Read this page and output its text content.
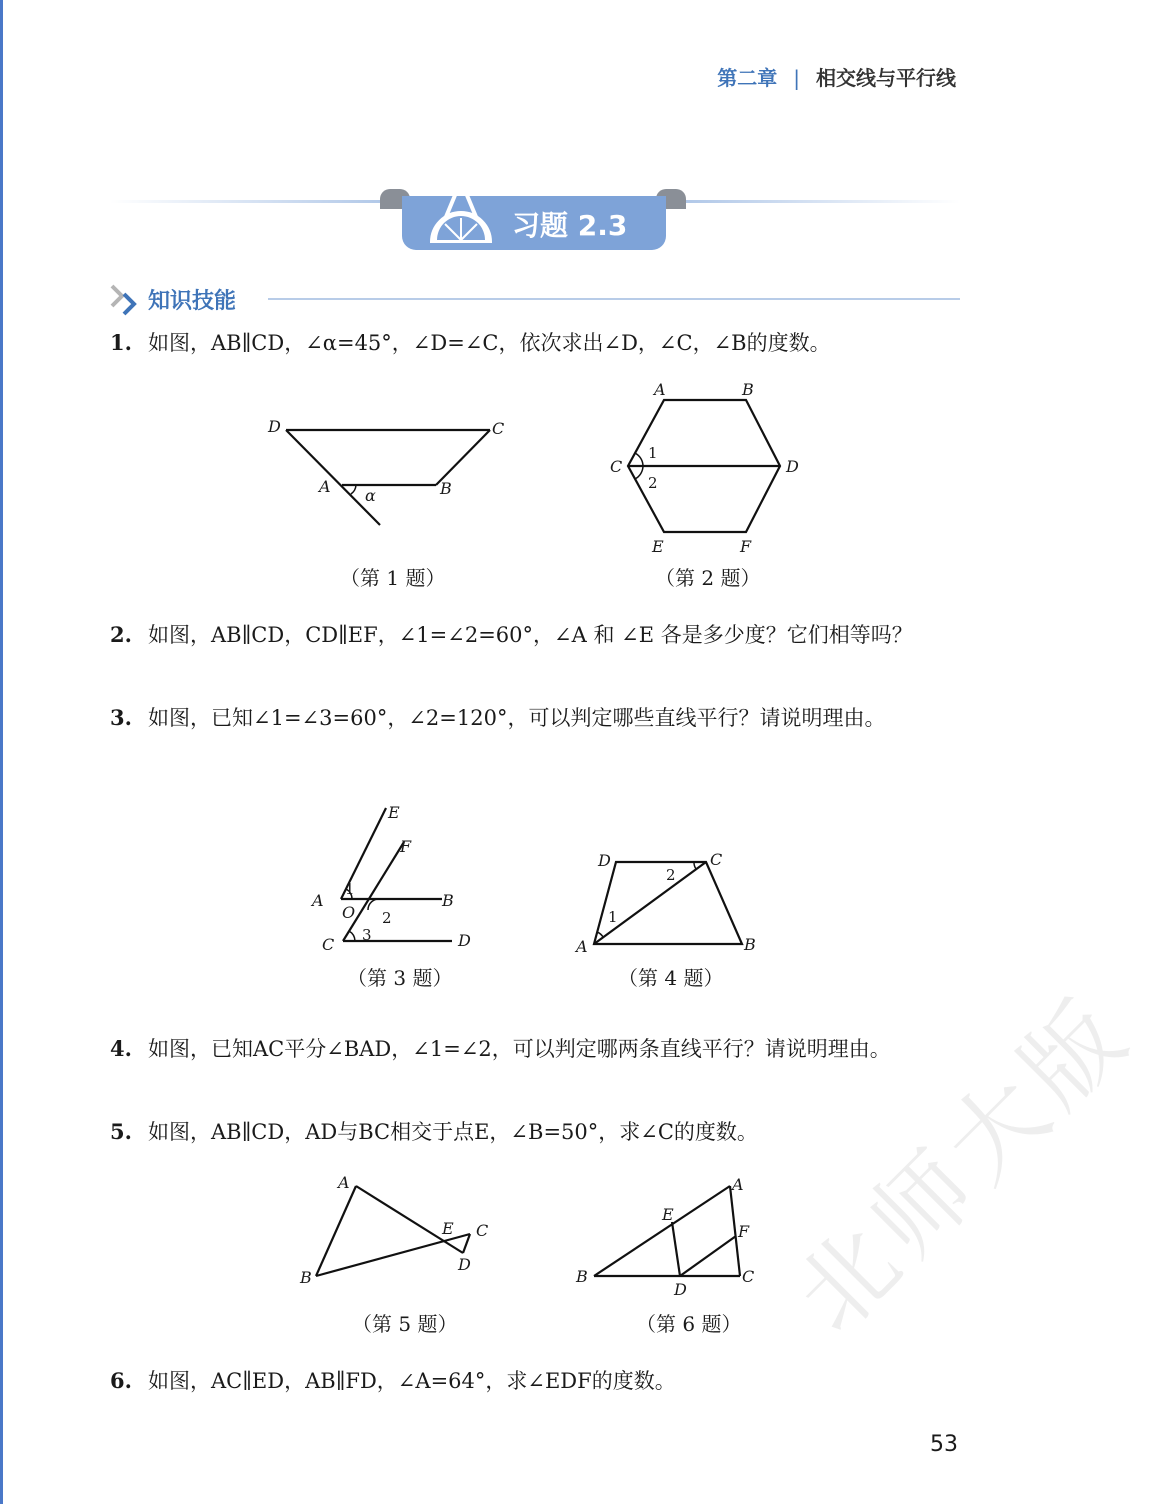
第二章 | 相交线与平行线
习题 2.3
知识技能
1. 如图，AB∥CD，∠α=45°，∠D=∠C，依次求出∠D，∠C，∠B的度数。
D	C
A	B
α
（第 1 题）
A	B
C	D
E	F
1
2
（第 2 题）
2. 如图，AB∥CD，CD∥EF，∠1=∠2=60°，∠A 和 ∠E 各是多少度？它们相等吗？
3. 如图，已知∠1=∠3=60°，∠2=120°，可以判定哪些直线平行？请说明理由。
E
F
A	B
O
C	D
1
2
3
（第 3 题）
D	C
A	B
1
2
（第 4 题）
4. 如图，已知AC平分∠BAD，∠1=∠2，可以判定哪两条直线平行？请说明理由。
5. 如图，AB∥CD，AD与BC相交于点E，∠B=50°，求∠C的度数。
A
B
E C
D
（第 5 题）
A
E
F
B
D
C
（第 6 题）
6. 如图，AC∥ED，AB∥FD，∠A=64°，求∠EDF的度数。
北师大版
53
